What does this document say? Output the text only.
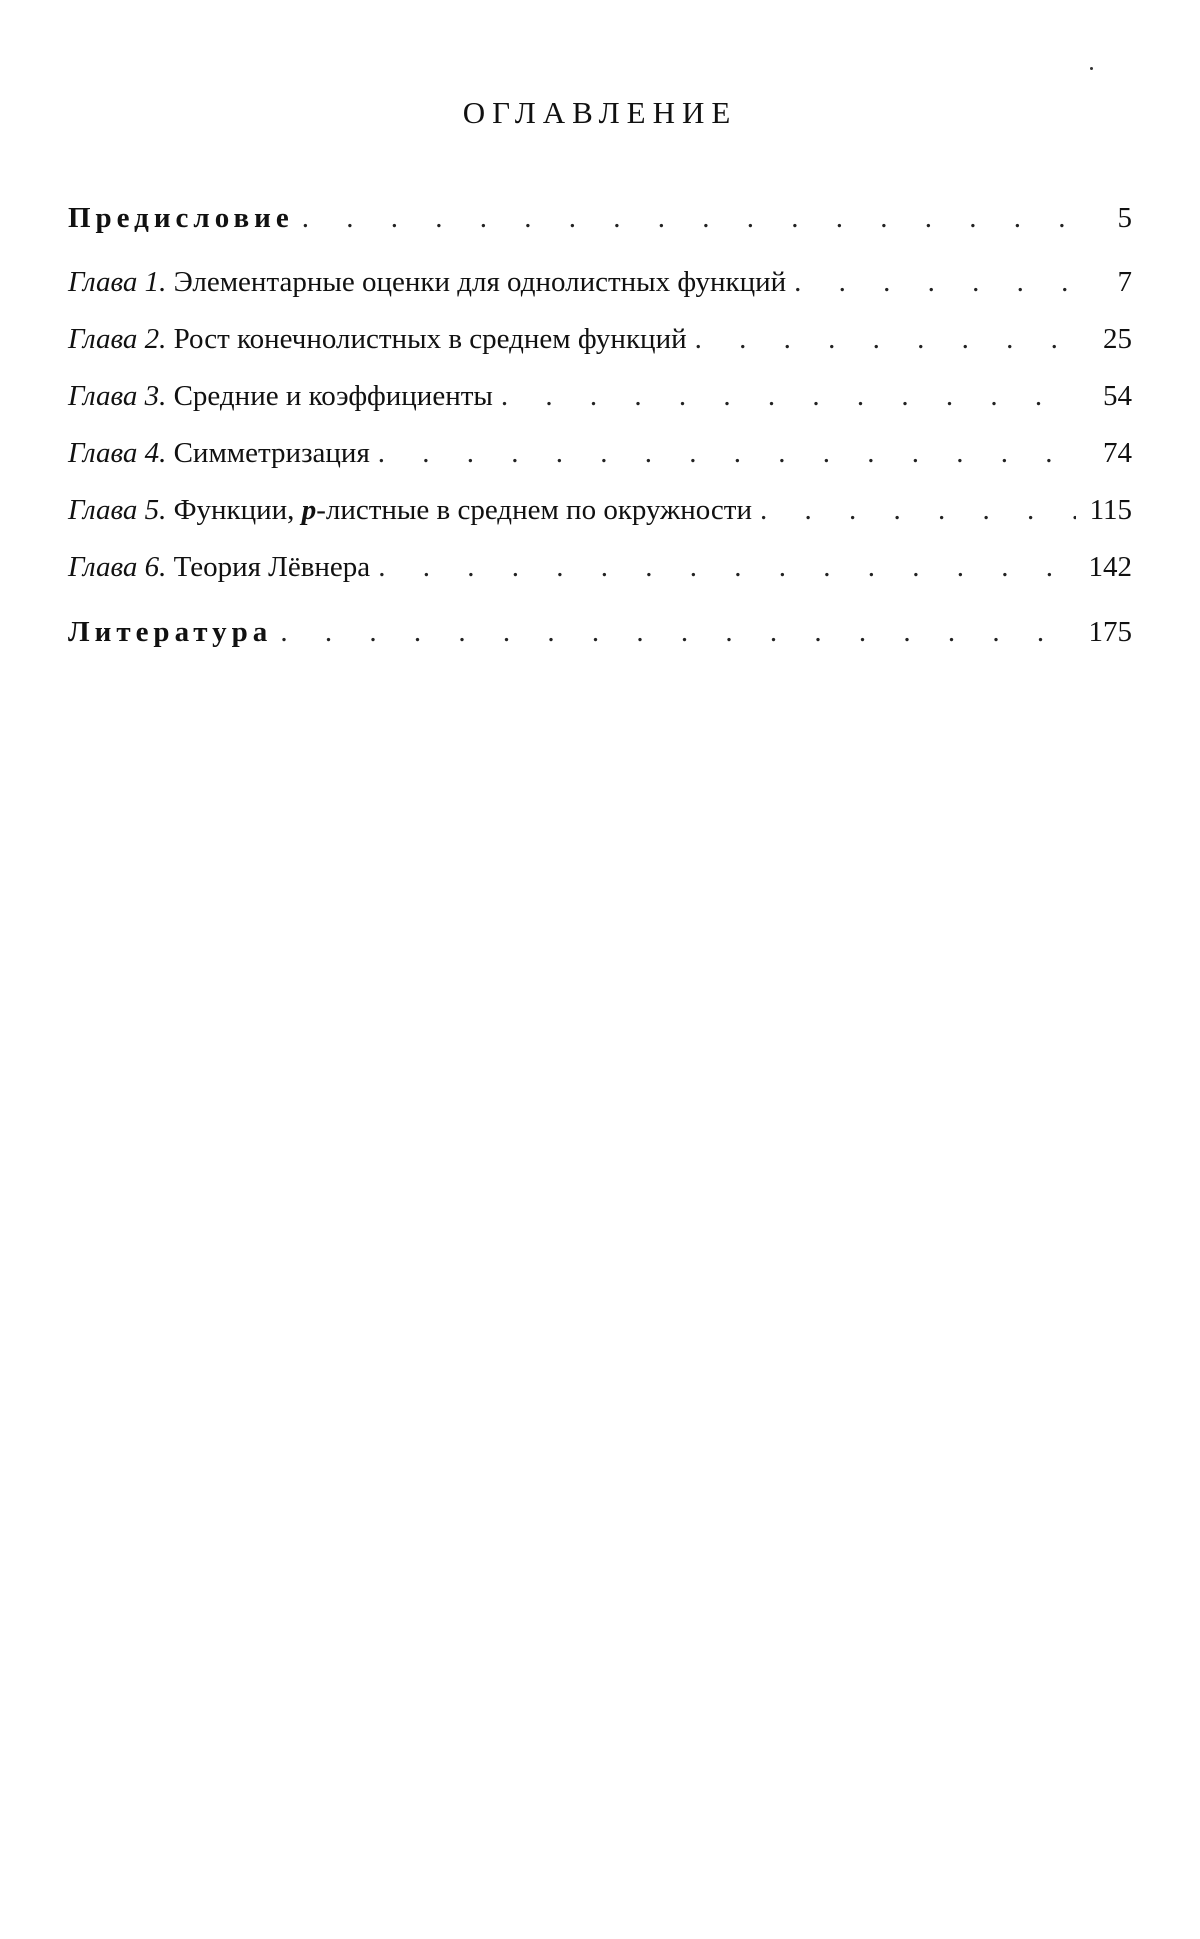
ОГЛАВЛЕНИЕ
Предисловие . . .	5
Глава 1. Элементарные оценки для однолистных функций . . .	7
Глава 2. Рост конечнолистных в среднем функций . . .	25
Глава 3. Средние и коэффициенты . . .	54
Глава 4. Симметризация . . .	74
Глава 5. Функции, p-листные в среднем по окружности . . .	115
Глава 6. Теория Лёвнера . . .	142
Литература . . .	175
